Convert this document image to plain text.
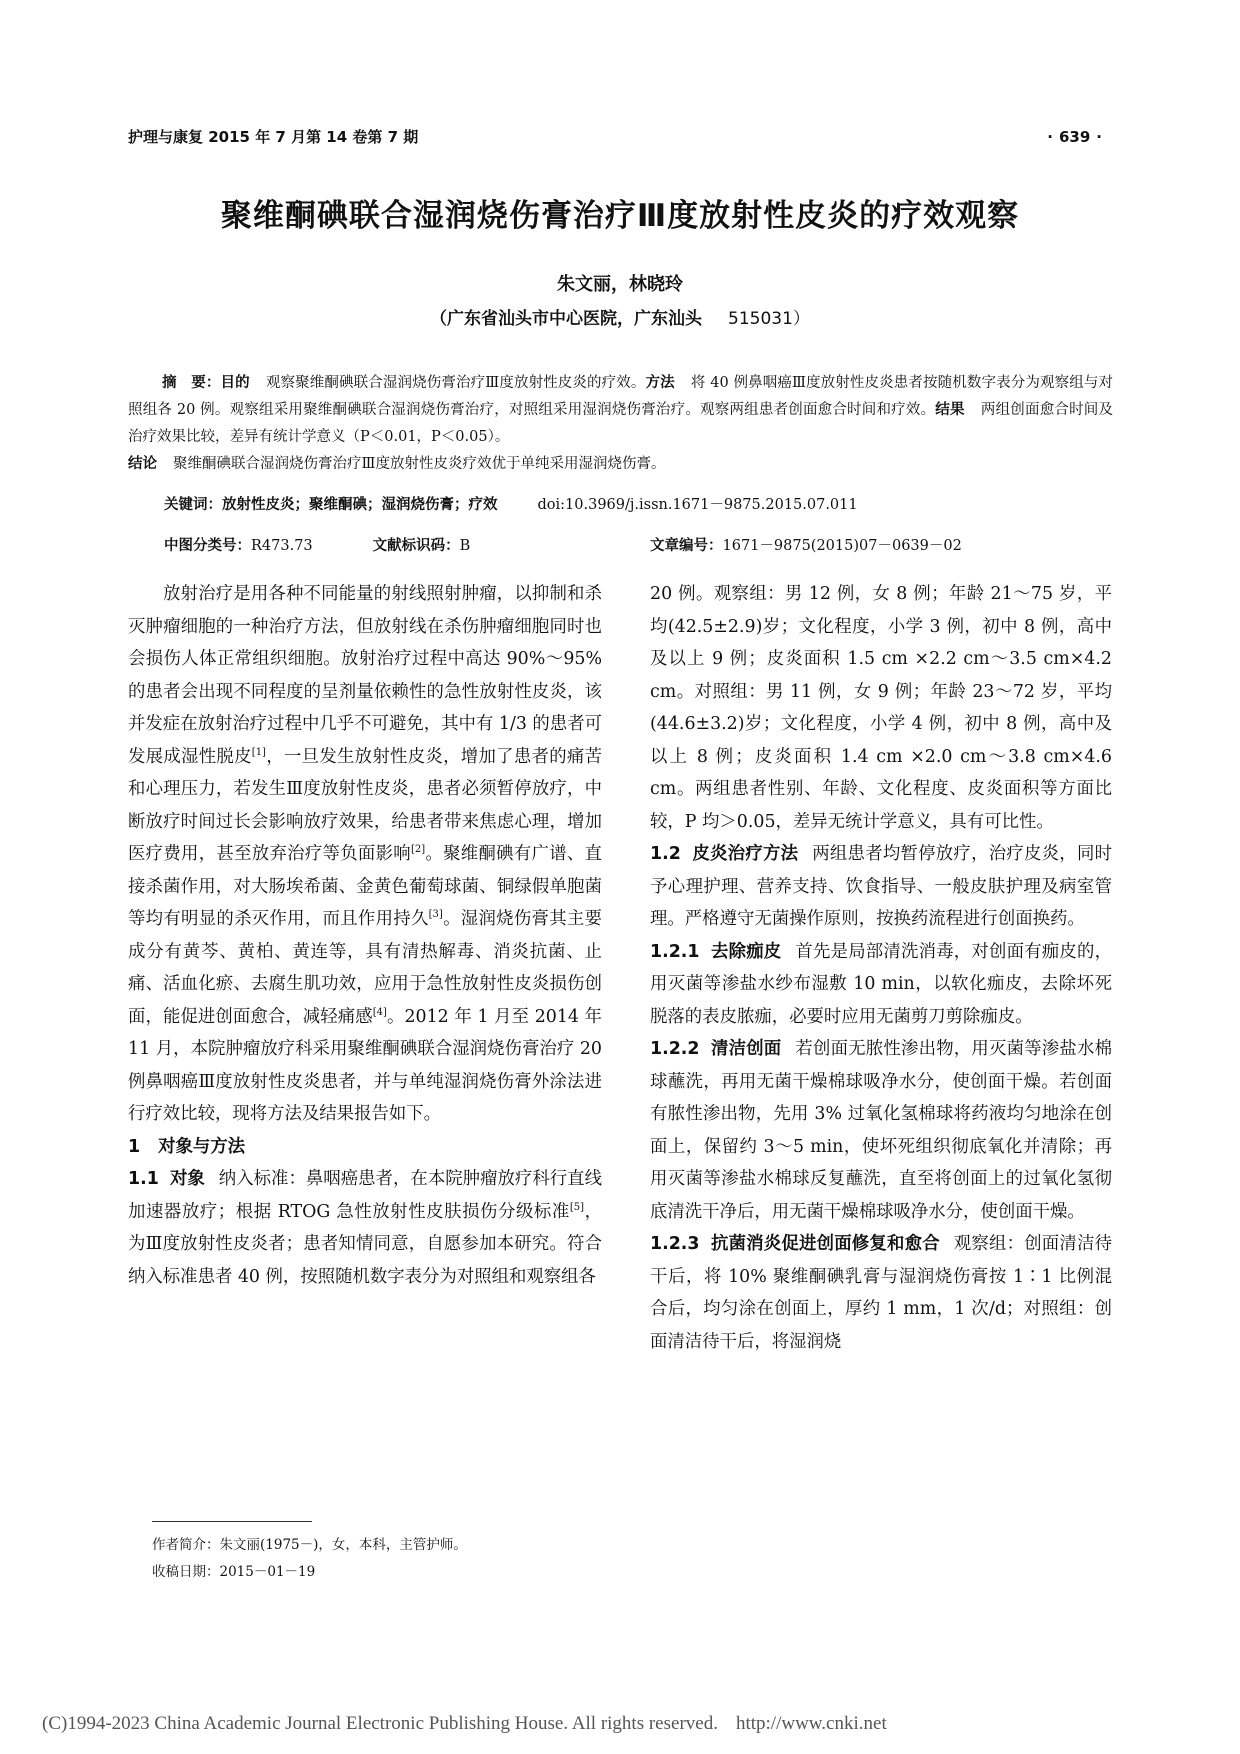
护理与康复 2015 年 7 月第 14 卷第 7 期	· 639 ·
聚维酮碘联合湿润烧伤膏治疗Ⅲ度放射性皮炎的疗效观察
朱文丽，林晓玲
（广东省汕头市中心医院，广东汕头 515031）
摘　要：目的 观察聚维酮碘联合湿润烧伤膏治疗Ⅲ度放射性皮炎的疗效。方法 将 40 例鼻咽癌Ⅲ度放射性皮炎患者按随机数字表分为观察组与对照组各 20 例。观察组采用聚维酮碘联合湿润烧伤膏治疗，对照组采用湿润烧伤膏治疗。观察两组患者创面愈合时间和疗效。结果 两组创面愈合时间及治疗效果比较，差异有统计学意义（P＜0.01，P＜0.05）。
结论 聚维酮碘联合湿润烧伤膏治疗Ⅲ度放射性皮炎疗效优于单纯采用湿润烧伤膏。
关键词：放射性皮炎；聚维酮碘；湿润烧伤膏；疗效	doi:10.3969/j.issn.1671－9875.2015.07.011
中图分类号：R473.73	文献标识码：B	文章编号：1671－9875(2015)07－0639－02

放射治疗是用各种不同能量的射线照射肿瘤，以抑制和杀灭肿瘤细胞的一种治疗方法，但放射线在杀伤肿瘤细胞同时也会损伤人体正常组织细胞。放射治疗过程中高达 90%～95% 的患者会出现不同程度的呈剂量依赖性的急性放射性皮炎，该并发症在放射治疗过程中几乎不可避免，其中有 1/3 的患者可发展成湿性脱皮[1]，一旦发生放射性皮炎，增加了患者的痛苦和心理压力，若发生Ⅲ度放射性皮炎，患者必须暂停放疗，中断放疗时间过长会影响放疗效果，给患者带来焦虑心理，增加医疗费用，甚至放弃治疗等负面影响[2]。聚维酮碘有广谱、直接杀菌作用，对大肠埃希菌、金黄色葡萄球菌、铜绿假单胞菌等均有明显的杀灭作用，而且作用持久[3]。湿润烧伤膏其主要成分有黄芩、黄柏、黄连等，具有清热解毒、消炎抗菌、止痛、活血化瘀、去腐生肌功效，应用于急性放射性皮炎损伤创面，能促进创面愈合，减轻痛感[4]。2012 年 1 月至 2014 年 11 月，本院肿瘤放疗科采用聚维酮碘联合湿润烧伤膏治疗 20 例鼻咽癌Ⅲ度放射性皮炎患者，并与单纯湿润烧伤膏外涂法进行疗效比较，现将方法及结果报告如下。

1 对象与方法

1.1 对象 纳入标准：鼻咽癌患者，在本院肿瘤放疗科行直线加速器放疗；根据 RTOG 急性放射性皮肤损伤分级标准[5]，为Ⅲ度放射性皮炎者；患者知情同意，自愿参加本研究。符合纳入标准患者 40 例，按照随机数字表分为对照组和观察组各

20 例。观察组：男 12 例，女 8 例；年龄 21～75 岁，平均(42.5±2.9)岁；文化程度，小学 3 例，初中 8 例，高中及以上 9 例；皮炎面积 1.5 cm ×2.2 cm～3.5 cm×4.2 cm。对照组：男 11 例，女 9 例；年龄 23～72 岁，平均(44.6±3.2)岁；文化程度，小学 4 例，初中 8 例，高中及以上 8 例；皮炎面积 1.4 cm ×2.0 cm～3.8 cm×4.6 cm。两组患者性别、年龄、文化程度、皮炎面积等方面比较，P 均＞0.05，差异无统计学意义，具有可比性。

1.2 皮炎治疗方法 两组患者均暂停放疗，治疗皮炎，同时予心理护理、营养支持、饮食指导、一般皮肤护理及病室管理。严格遵守无菌操作原则，按换药流程进行创面换药。

1.2.1 去除痂皮 首先是局部清洗消毒，对创面有痂皮的，用灭菌等渗盐水纱布湿敷 10 min，以软化痂皮，去除坏死脱落的表皮脓痂，必要时应用无菌剪刀剪除痂皮。

1.2.2 清洁创面 若创面无脓性渗出物，用灭菌等渗盐水棉球蘸洗，再用无菌干燥棉球吸净水分，使创面干燥。若创面有脓性渗出物，先用 3% 过氧化氢棉球将药液均匀地涂在创面上，保留约 3～5 min，使坏死组织彻底氧化并清除；再用灭菌等渗盐水棉球反复蘸洗，直至将创面上的过氧化氢彻底清洗干净后，用无菌干燥棉球吸净水分，使创面干燥。

1.2.3 抗菌消炎促进创面修复和愈合 观察组：创面清洁待干后，将 10% 聚维酮碘乳膏与湿润烧伤膏按 1∶1 比例混合后，均匀涂在创面上，厚约 1 mm，1 次/d；对照组：创面清洁待干后，将湿润烧

作者简介：朱文丽(1975－)，女，本科，主管护师。
收稿日期：2015－01－19
(C)1994-2023 China Academic Journal Electronic Publishing House. All rights reserved. http://www.cnki.net
